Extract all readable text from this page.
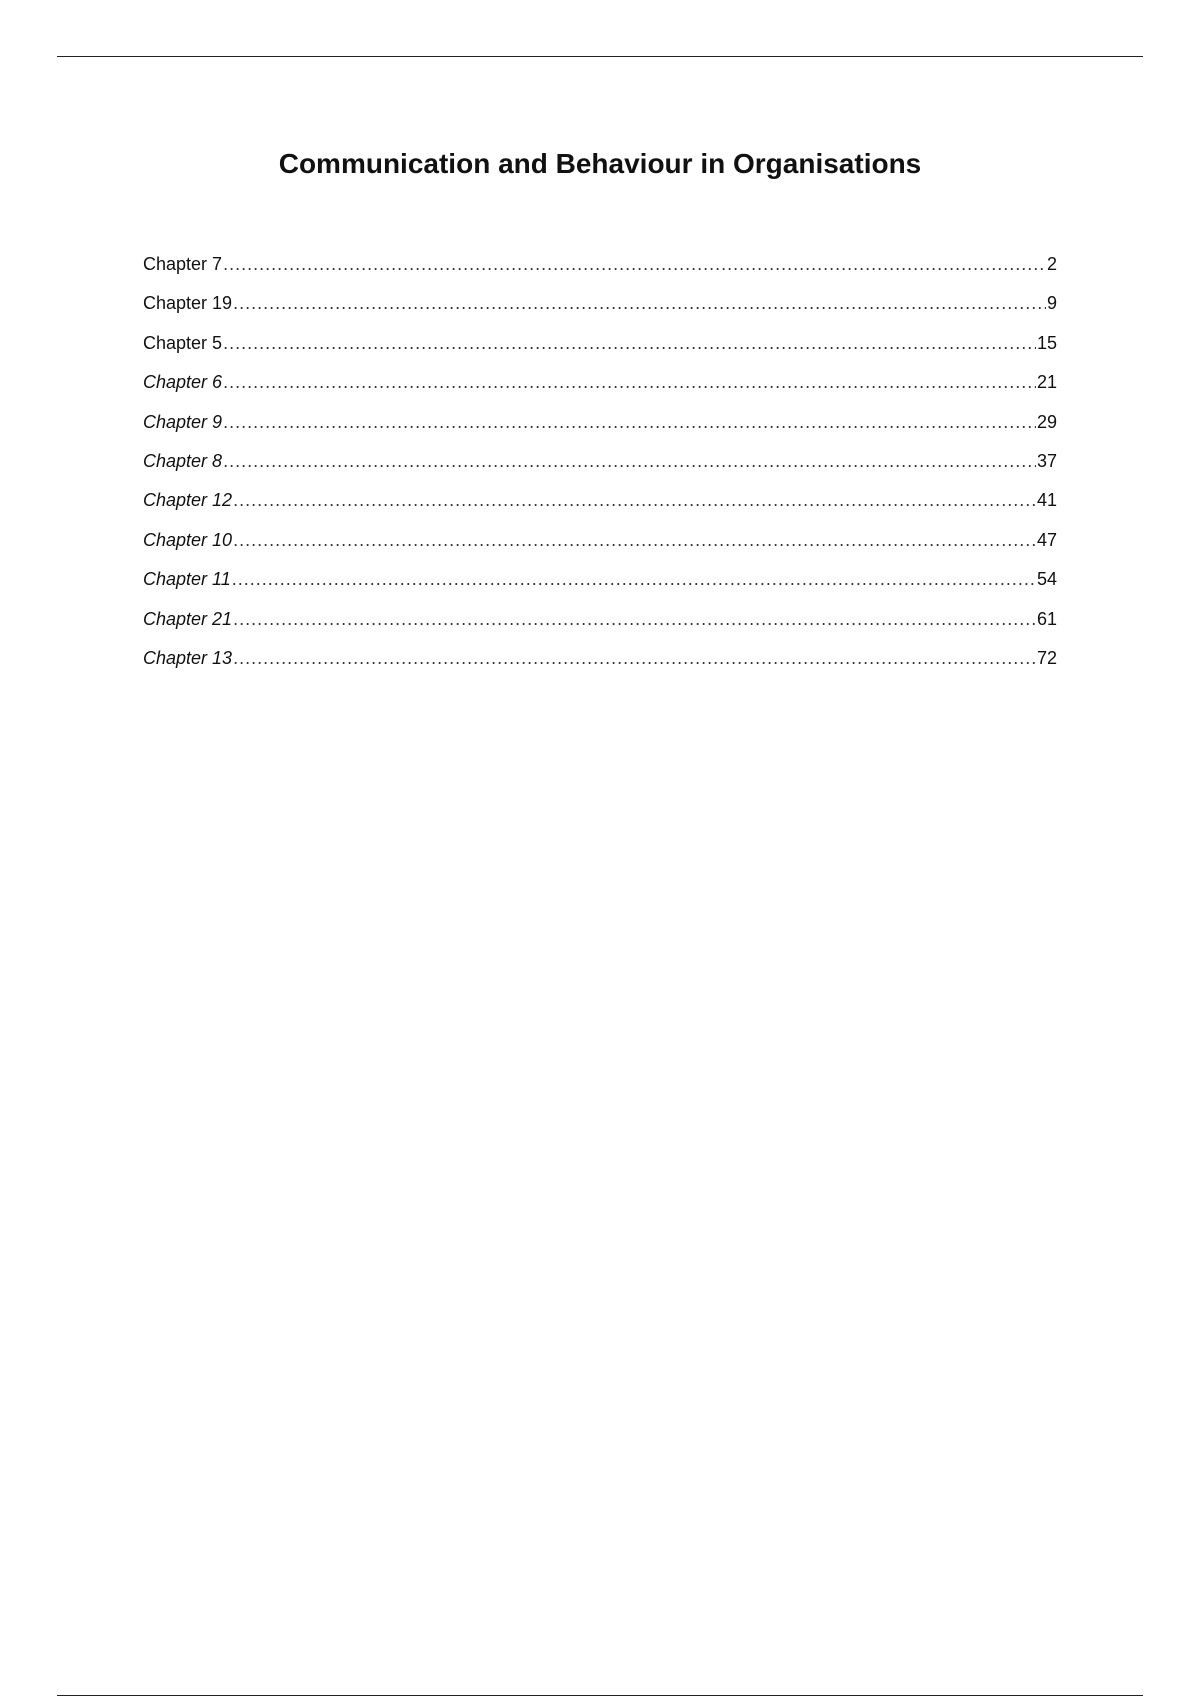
Communication and Behaviour in Organisations
Chapter 7 .....	2
Chapter 19 .....	9
Chapter 5 .....	15
Chapter 6 .....	21
Chapter 9 .....	29
Chapter 8 .....	37
Chapter 12 .....	41
Chapter 10 .....	47
Chapter 11 .....	54
Chapter 21 .....	61
Chapter 13 .....	72
